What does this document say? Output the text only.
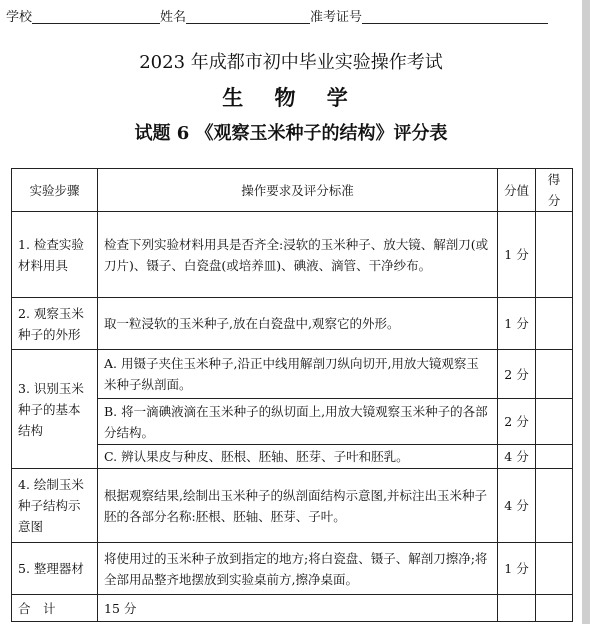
学校	姓名	准考证号
2023 年成都市初中毕业实验操作考试
生 物 学
试题 6 《观察玉米种子的结构》评分表
实验步骤	操作要求及评分标准	分值	得分
1. 检查实验材料用具	检查下列实验材料用具是否齐全:浸软的玉米种子、放大镜、解剖刀(或刀片)、镊子、白瓷盘(或培养皿)、碘液、滴管、干净纱布。	1 分	
2. 观察玉米种子的外形	取一粒浸软的玉米种子,放在白瓷盘中,观察它的外形。	1 分	
3. 识别玉米种子的基本结构	A. 用镊子夹住玉米种子,沿正中线用解剖刀纵向切开,用放大镜观察玉米种子纵剖面。	2 分	
	B. 将一滴碘液滴在玉米种子的纵切面上,用放大镜观察玉米种子的各部分结构。	2 分	
	C. 辨认果皮与种皮、胚根、胚轴、胚芽、子叶和胚乳。	4 分	
4. 绘制玉米种子结构示意图	根据观察结果,绘制出玉米种子的纵剖面结构示意图,并标注出玉米种子胚的各部分名称:胚根、胚轴、胚芽、子叶。	4 分	
5. 整理器材	将使用过的玉米种子放到指定的地方;将白瓷盘、镊子、解剖刀擦净;将全部用品整齐地摆放到实验桌前方,擦净桌面。	1 分	
合　计	15 分		
